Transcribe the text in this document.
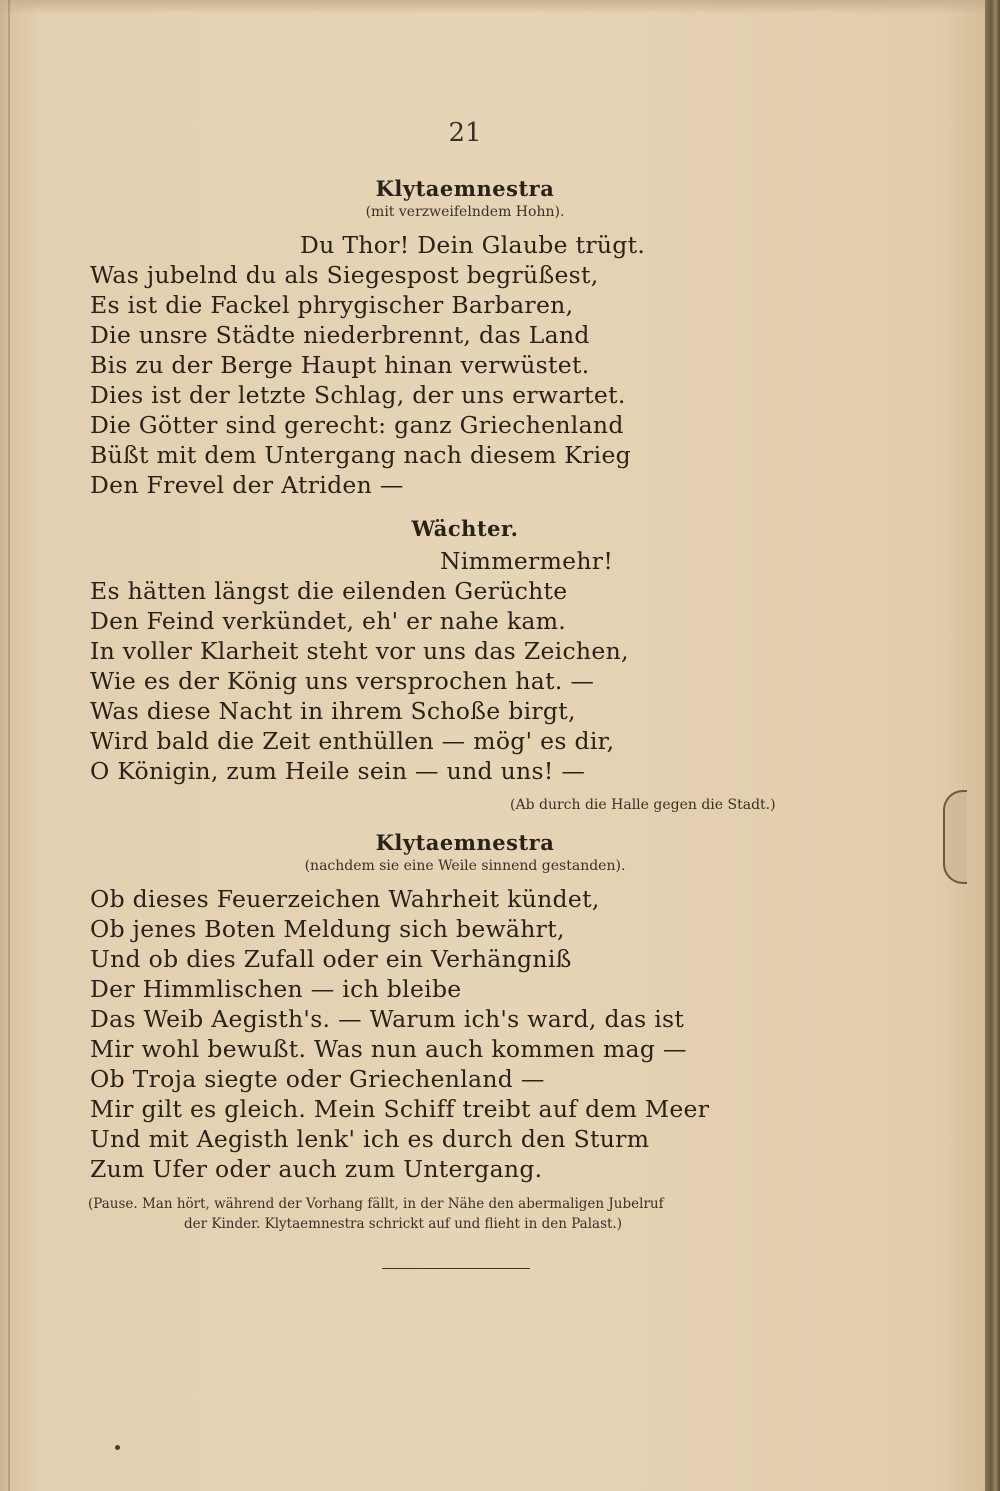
21
Klytaemnestra
(mit verzweifelndem Hohn).
Du Thor! Dein Glaube trügt.
Was jubelnd du als Siegespost begrüßest,
Es ist die Fackel phrygischer Barbaren,
Die unsre Städte niederbrennt, das Land
Bis zu der Berge Haupt hinan verwüstet.
Dies ist der letzte Schlag, der uns erwartet.
Die Götter sind gerecht: ganz Griechenland
Büßt mit dem Untergang nach diesem Krieg
Den Frevel der Atriden —
Wächter.
Nimmermehr!
Es hätten längst die eilenden Gerüchte
Den Feind verkündet, eh' er nahe kam.
In voller Klarheit steht vor uns das Zeichen,
Wie es der König uns versprochen hat. —
Was diese Nacht in ihrem Schoße birgt,
Wird bald die Zeit enthüllen — mög' es dir,
O Königin, zum Heile sein — und uns! —
(Ab durch die Halle gegen die Stadt.)
Klytaemnestra
(nachdem sie eine Weile sinnend gestanden).
Ob dieses Feuerzeichen Wahrheit kündet,
Ob jenes Boten Meldung sich bewährt,
Und ob dies Zufall oder ein Verhängniß
Der Himmlischen — ich bleibe
Das Weib Aegisth's. — Warum ich's ward, das ist
Mir wohl bewußt. Was nun auch kommen mag —
Ob Troja siegte oder Griechenland —
Mir gilt es gleich. Mein Schiff treibt auf dem Meer
Und mit Aegisth lenk' ich es durch den Sturm
Zum Ufer oder auch zum Untergang.
(Pause. Man hört, während der Vorhang fällt, in der Nähe den abermaligen Jubelruf
der Kinder. Klytaemnestra schrickt auf und flieht in den Palast.)
